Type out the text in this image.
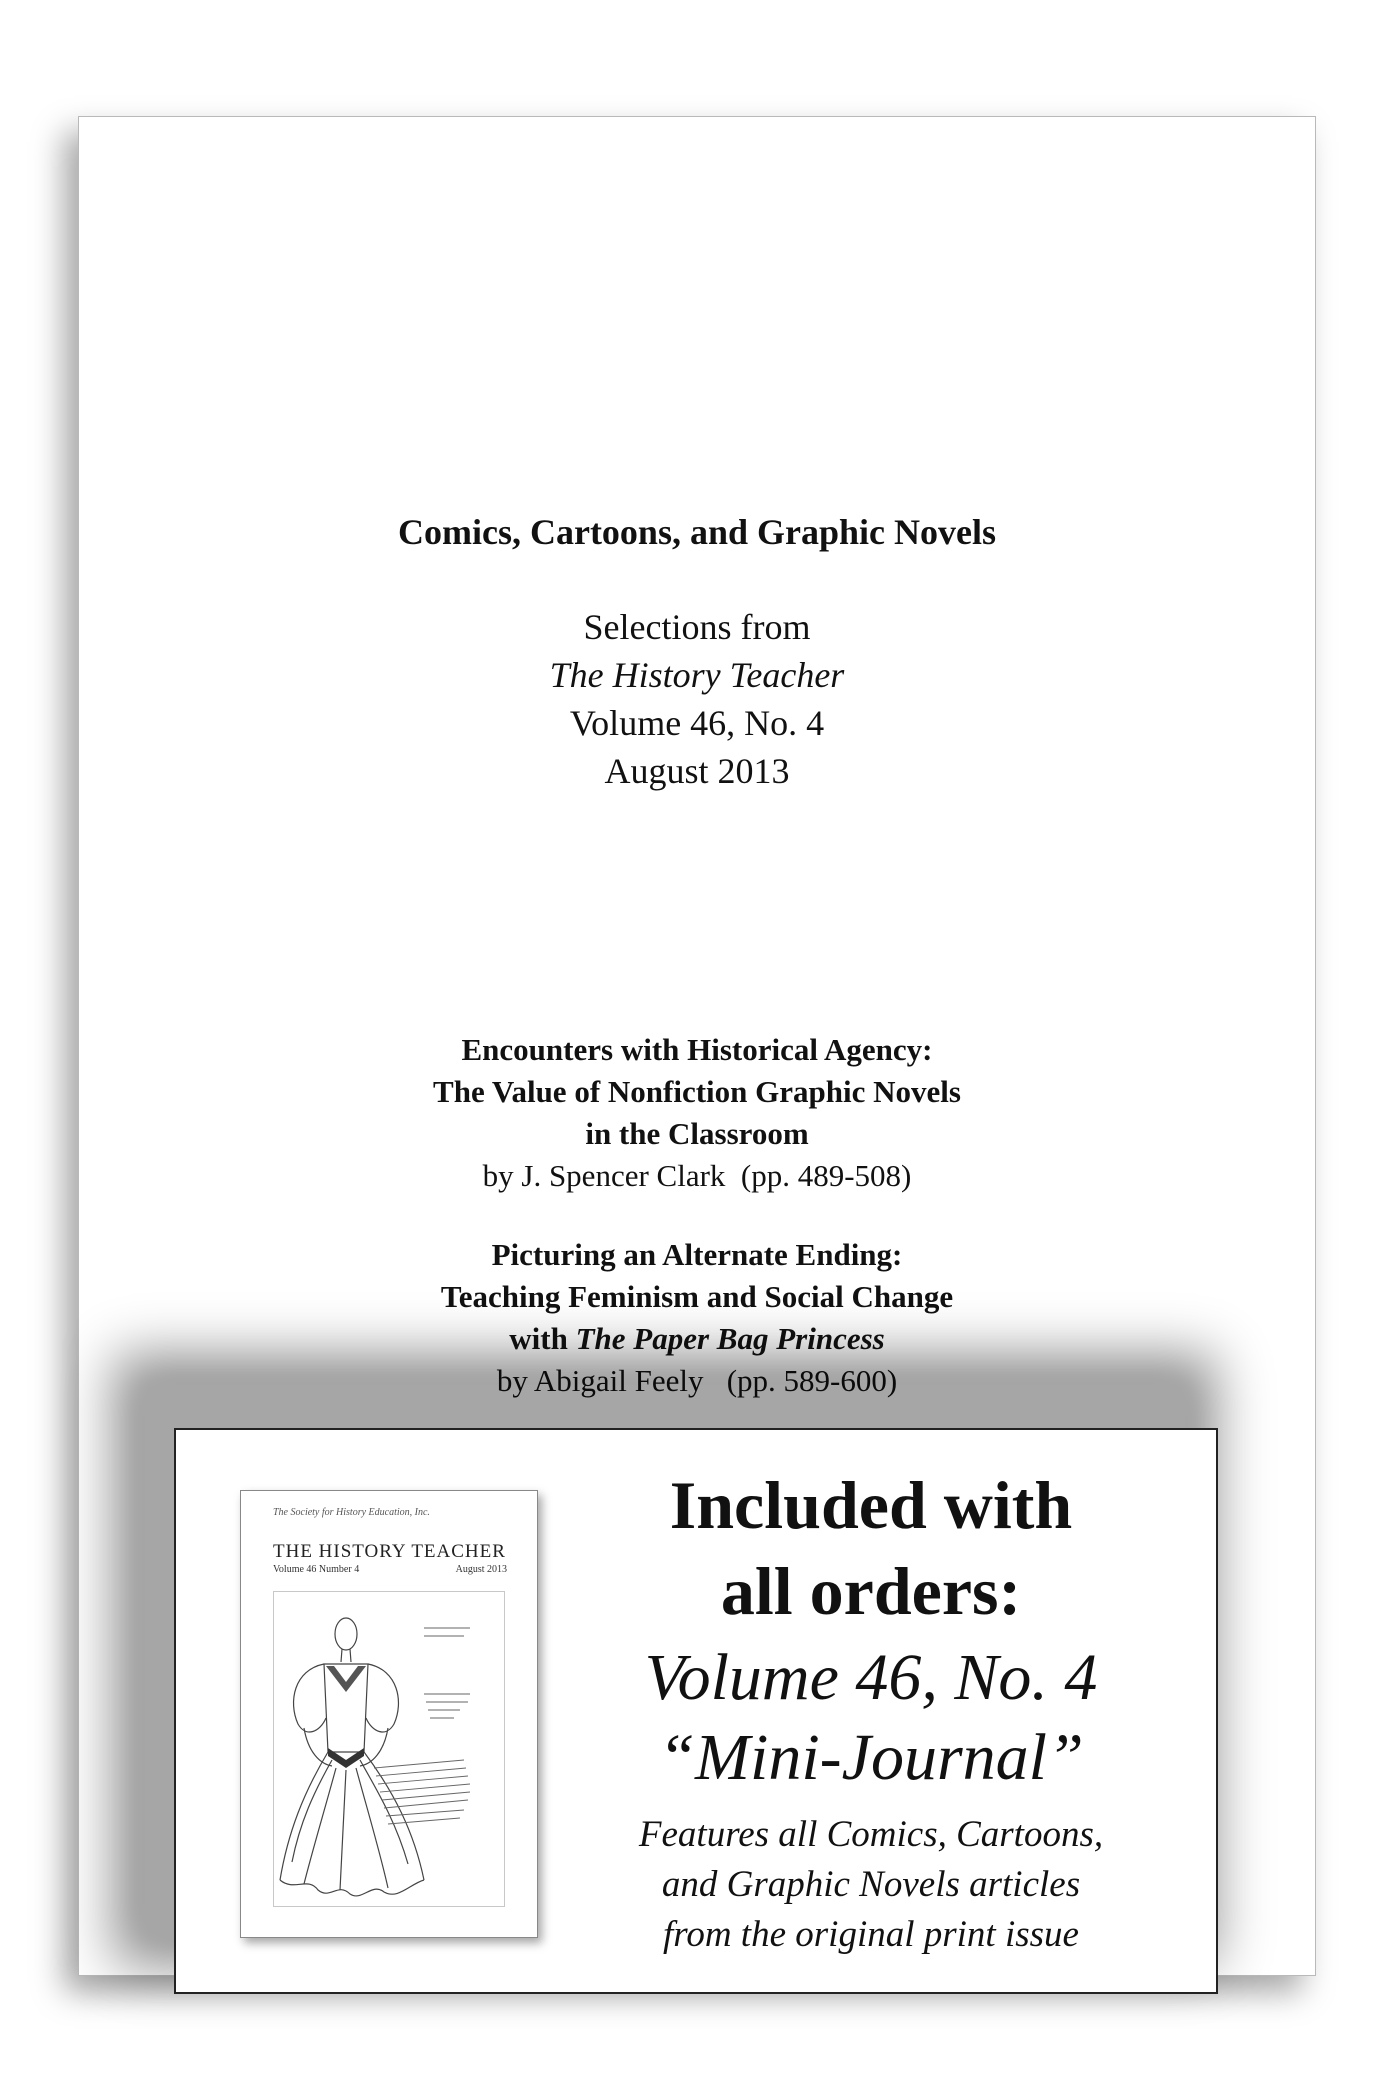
Comics, Cartoons, and Graphic Novels
Selections from
The History Teacher
Volume 46, No. 4
August 2013
Encounters with Historical Agency:
The Value of Nonfiction Graphic Novels
in the Classroom
by J. Spencer Clark  (pp. 489-508)
Picturing an Alternate Ending:
Teaching Feminism and Social Change
with The Paper Bag Princess
by Abigail Feely   (pp. 589-600)
The Society for History Education, Inc.
THE HISTORY TEACHER
Volume 46 Number 4	August 2013
Included with
all orders:
Volume 46, No. 4
“Mini-Journal”
Features all Comics, Cartoons,
and Graphic Novels articles
from the original print issue
